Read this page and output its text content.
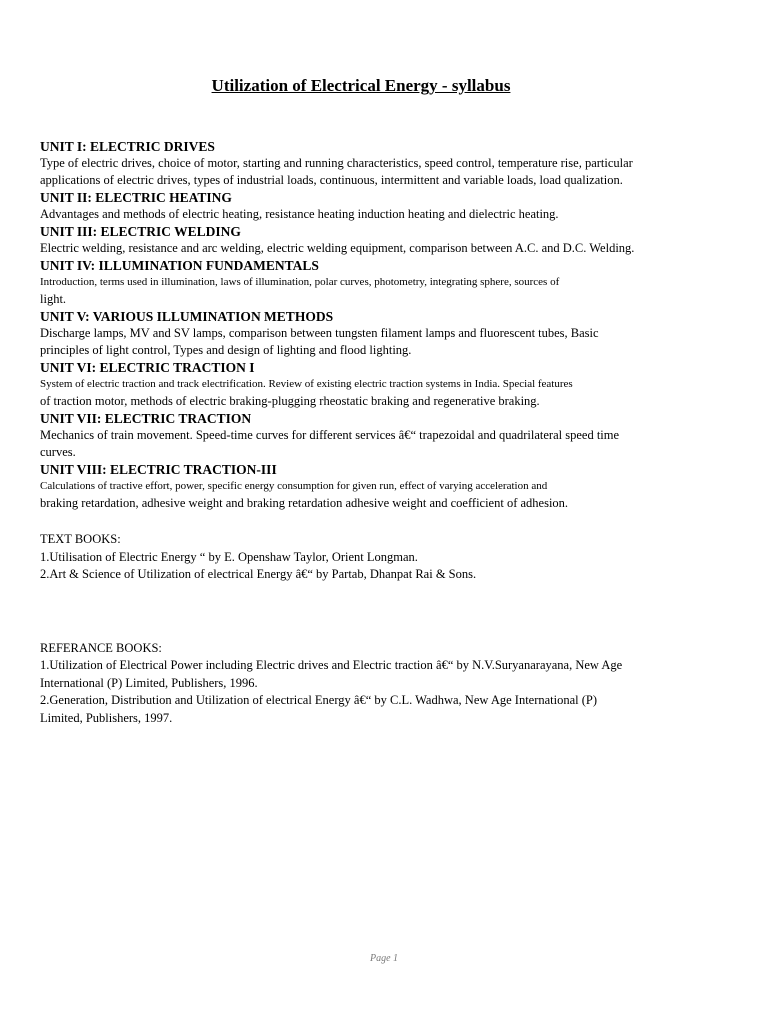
Utilization of Electrical Energy - syllabus
UNIT I: ELECTRIC DRIVES
Type of electric drives, choice of motor, starting and running characteristics, speed control, temperature rise, particular
applications of electric drives, types of industrial loads, continuous, intermittent and variable loads, load qualization.
UNIT II: ELECTRIC HEATING
Advantages and methods of electric heating, resistance heating induction heating and dielectric heating.
UNIT III: ELECTRIC WELDING
Electric welding, resistance and arc welding, electric welding equipment, comparison between A.C. and D.C. Welding.
UNIT IV: ILLUMINATION FUNDAMENTALS
Introduction, terms used in illumination, laws of illumination, polar curves, photometry, integrating sphere, sources of
light.
UNIT V: VARIOUS ILLUMINATION METHODS
Discharge lamps, MV and SV lamps, comparison between tungsten filament lamps and fluorescent tubes, Basic
principles of light control, Types and design of lighting and flood lighting.
UNIT VI: ELECTRIC TRACTION I
System of electric traction and track electrification. Review of existing electric traction systems in India. Special features
of traction motor, methods of electric braking-plugging rheostatic braking and regenerative braking.
UNIT VII: ELECTRIC TRACTION
Mechanics of train movement. Speed-time curves for different services â€“ trapezoidal and quadrilateral speed time
curves.
UNIT VIII: ELECTRIC TRACTION-III
Calculations of tractive effort, power, specific energy consumption for given run, effect of varying acceleration and
braking retardation, adhesive weight and braking retardation adhesive weight and coefficient of adhesion.
TEXT BOOKS:
1.Utilisation of Electric Energy “ by E. Openshaw Taylor, Orient Longman.
2.Art & Science of Utilization of electrical Energy â€“ by Partab, Dhanpat Rai & Sons.
REFERANCE BOOKS:
1.Utilization of Electrical Power including Electric drives and Electric traction â€“ by N.V.Suryanarayana, New Age
International (P) Limited, Publishers, 1996.
2.Generation, Distribution and Utilization of electrical Energy â€“ by C.L. Wadhwa, New Age International (P)
Limited, Publishers, 1997.
Page 1
